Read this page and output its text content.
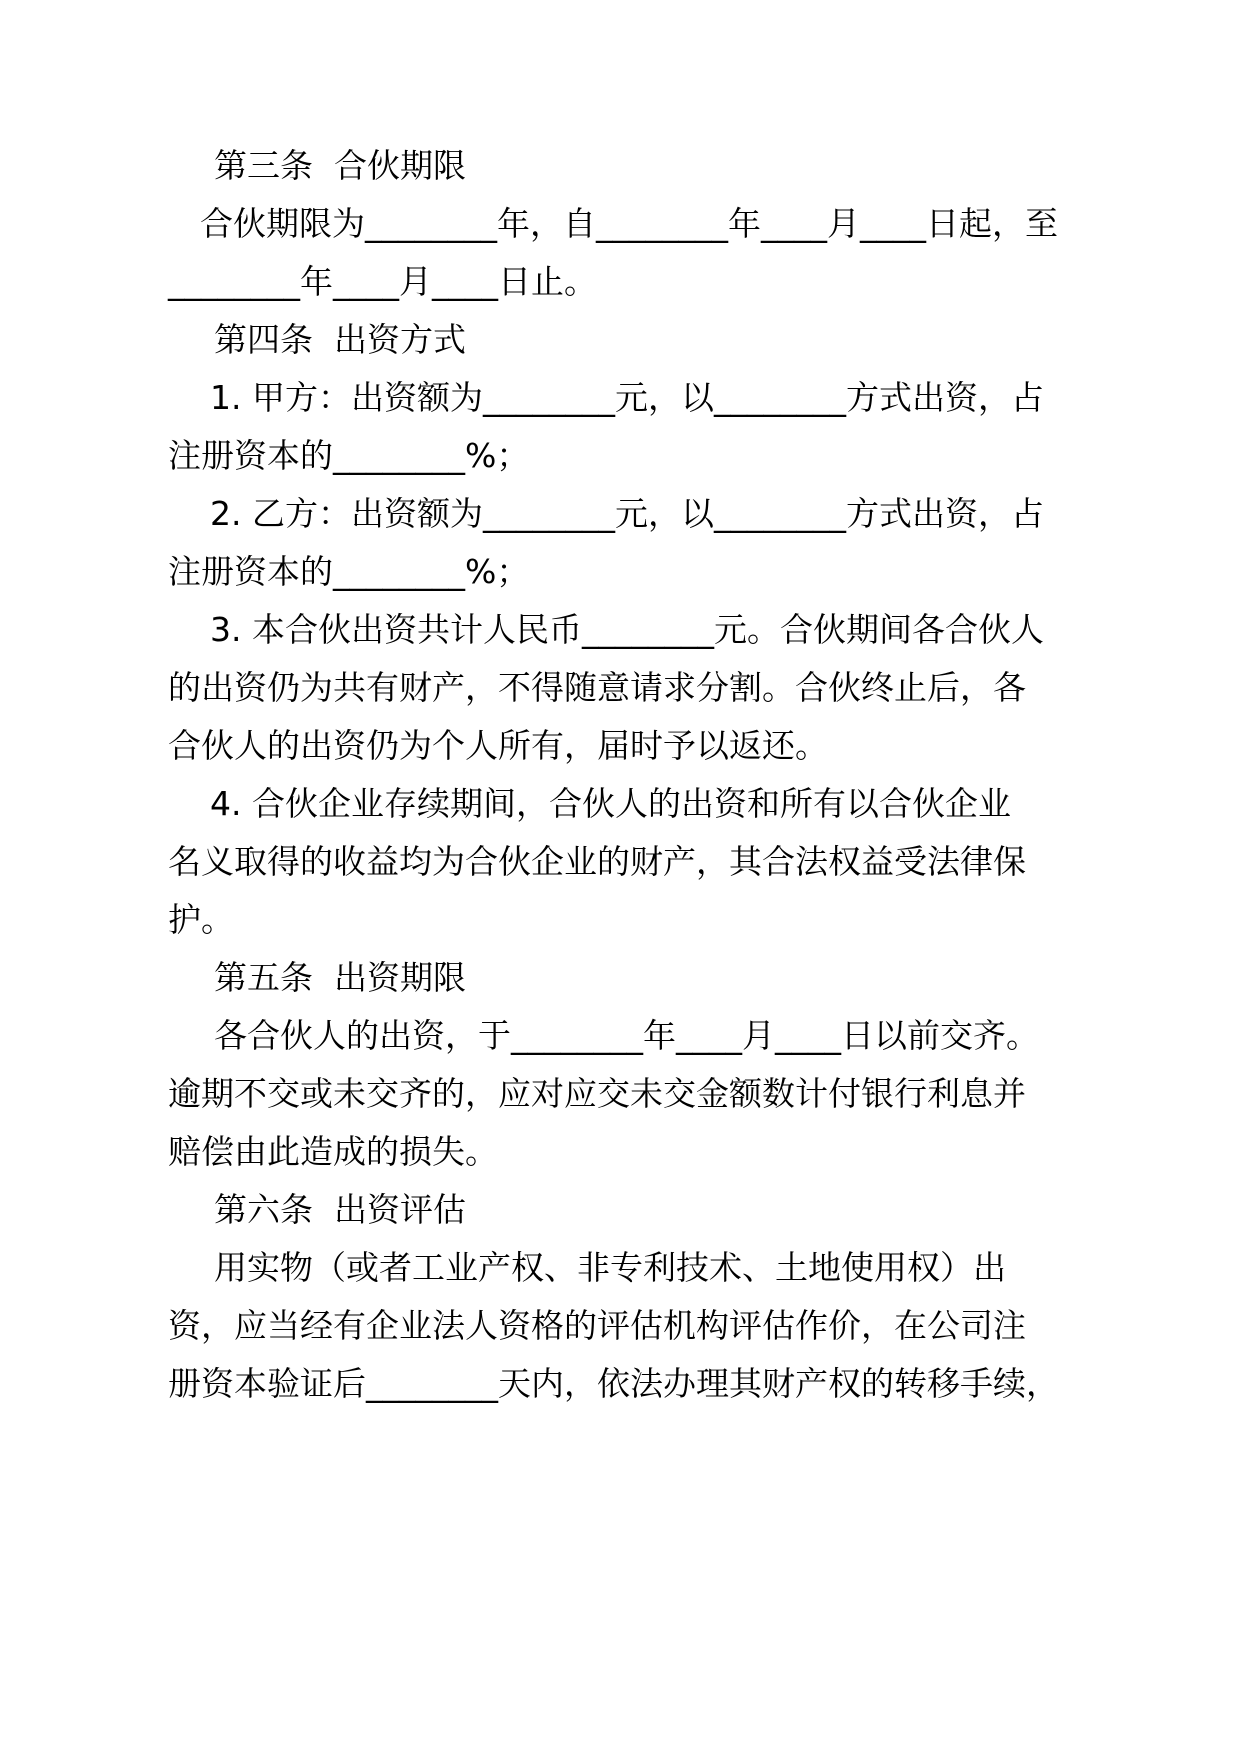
第三条  合伙期限
合伙期限为________年，自________年____月____日起，至
________年____月____日止。
第四条  出资方式
1. 甲方：出资额为________元，以________方式出资，占
注册资本的________%；
2. 乙方：出资额为________元，以________方式出资，占
注册资本的________%；
3. 本合伙出资共计人民币________元。合伙期间各合伙人
的出资仍为共有财产，不得随意请求分割。合伙终止后，各
合伙人的出资仍为个人所有，届时予以返还。
4. 合伙企业存续期间，合伙人的出资和所有以合伙企业
名义取得的收益均为合伙企业的财产，其合法权益受法律保
护。
第五条  出资期限
各合伙人的出资，于________年____月____日以前交齐。
逾期不交或未交齐的，应对应交未交金额数计付银行利息并
赔偿由此造成的损失。
第六条  出资评估
用实物（或者工业产权、非专利技术、土地使用权）出
资，应当经有企业法人资格的评估机构评估作价，在公司注
册资本验证后________天内，依法办理其财产权的转移手续，
